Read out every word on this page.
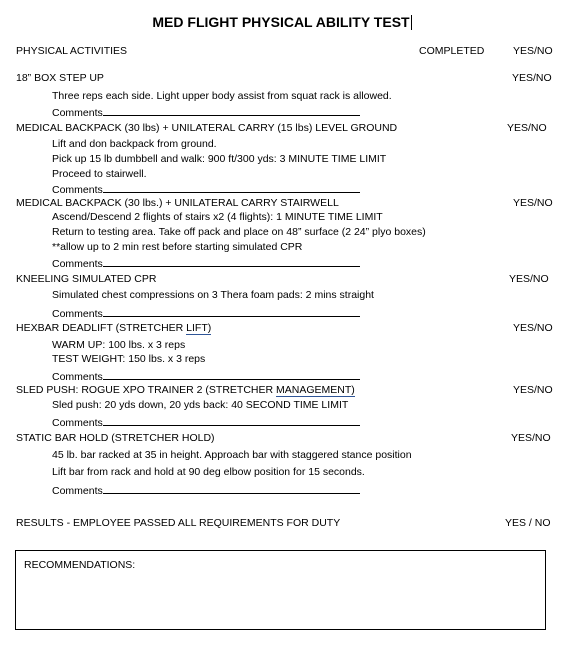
MED FLIGHT PHYSICAL ABILITY TEST
PHYSICAL ACTIVITIES	COMPLETED	YES/NO
18” BOX STEP UP	YES/NO
Three reps each side. Light upper body assist from squat rack is allowed.
Comments
MEDICAL BACKPACK (30 lbs) + UNILATERAL CARRY (15 lbs) LEVEL GROUND	YES/NO
Lift and don backpack from ground.
Pick up 15 lb dumbbell and walk: 900 ft/300 yds: 3 MINUTE TIME LIMIT
Proceed to stairwell.
Comments
MEDICAL BACKPACK (30 lbs.) + UNILATERAL CARRY STAIRWELL	YES/NO
Ascend/Descend 2 flights of stairs x2 (4 flights): 1 MINUTE TIME LIMIT
Return to testing area. Take off pack and place on 48” surface (2 24” plyo boxes)
**allow up to 2 min rest before starting simulated CPR
Comments
KNEELING SIMULATED CPR	YES/NO
Simulated chest compressions on 3 Thera foam pads: 2 mins straight
Comments
HEXBAR DEADLIFT (STRETCHER LIFT)	YES/NO
WARM UP: 100 lbs. x 3 reps
TEST WEIGHT: 150 lbs. x 3 reps
Comments
SLED PUSH: ROGUE XPO TRAINER 2 (STRETCHER MANAGEMENT)	YES/NO
Sled push: 20 yds down, 20 yds back: 40 SECOND TIME LIMIT
Comments
STATIC BAR HOLD (STRETCHER HOLD)	YES/NO
45 lb. bar racked at 35 in height. Approach bar with staggered stance position
Lift bar from rack and hold at 90 deg elbow position for 15 seconds.
Comments
RESULTS - EMPLOYEE PASSED ALL REQUIREMENTS FOR DUTY	YES / NO
RECOMMENDATIONS:
